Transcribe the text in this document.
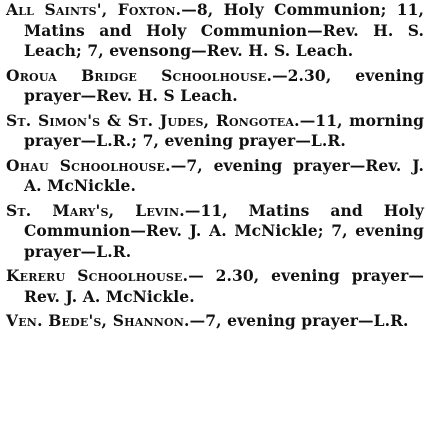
All Saints', Foxton.—8, Holy Communion; 11, Matins and Holy Communion—Rev. H. S. Leach; 7, evensong—Rev. H. S. Leach.

Oroua Bridge Schoolhouse.—2.30, evening prayer—Rev. H. S Leach.

St. Simon's & St. Judes, Rongotea.—11, morning prayer—L.R.; 7, evening prayer—L.R.

Ohau Schoolhouse.—7, evening prayer—Rev. J. A. McNickle.

St. Mary's, Levin.—11, Matins and Holy Communion—Rev. J. A. McNickle; 7, evening prayer—L.R.

Kereru Schoolhouse.— 2.30, evening prayer—Rev. J. A. McNickle.

Ven. Bede's, Shannon.—7, evening prayer—L.R.
